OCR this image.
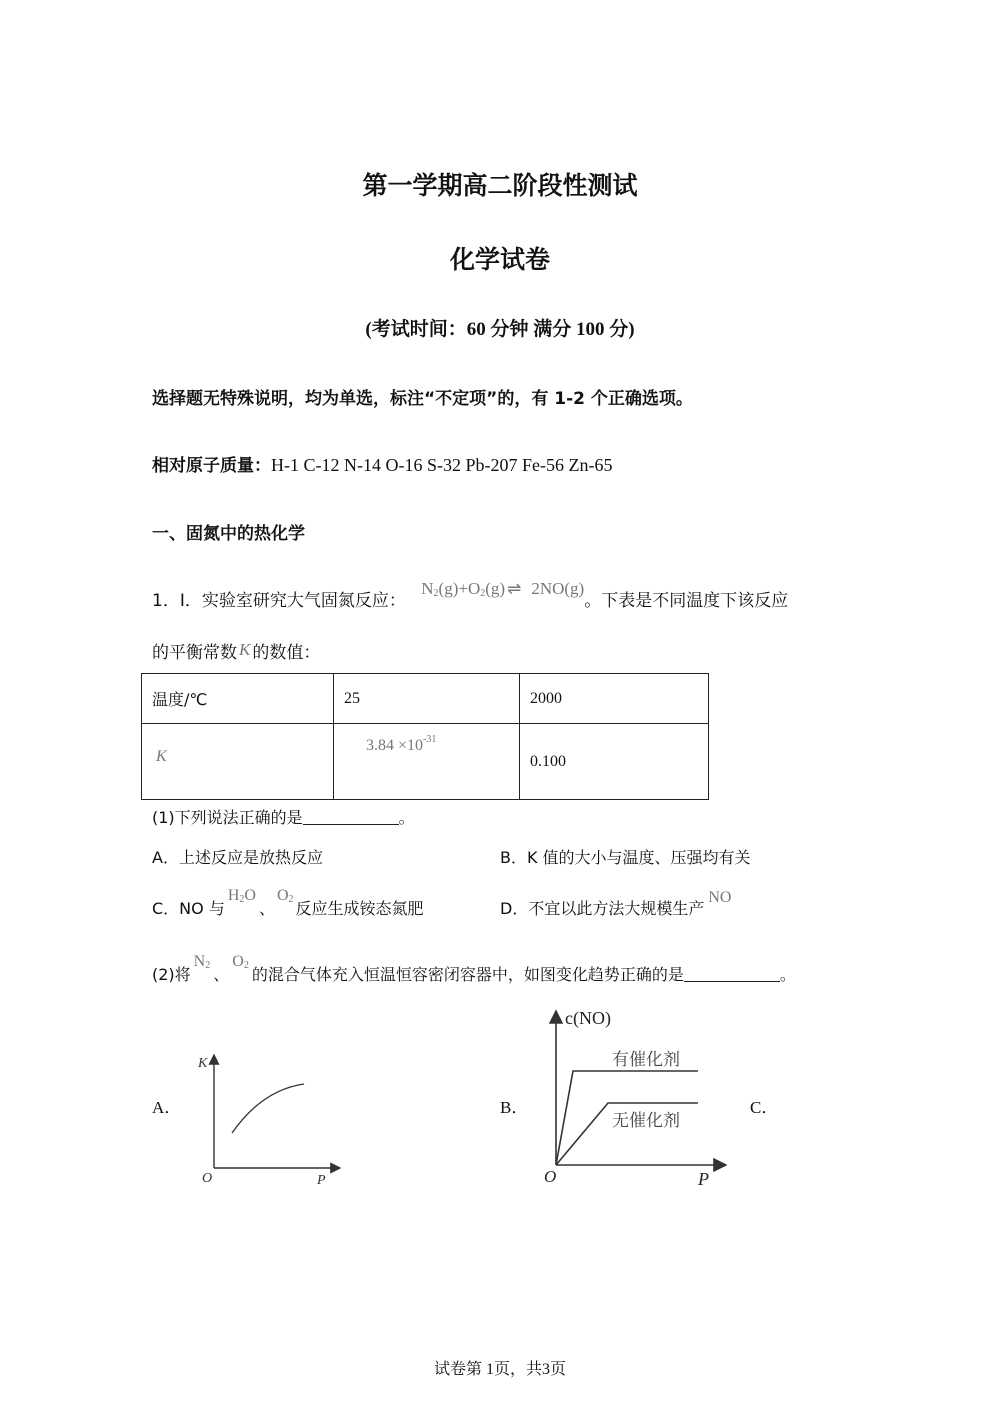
第一学期高二阶段性测试
化学试卷
(考试时间：60 分钟 满分 100 分)
选择题无特殊说明，均为单选，标注“不定项”的，有 1-2 个正确选项。
相对原子质量：H-1 C-12 N-14 O-16 S-32 Pb-207 Fe-56 Zn-65
一、固氮中的热化学
1．Ⅰ．实验室研究大气固氮反应： $N_2(g)+O_2(g)$ ⇌ 2NO(g)。下表是不同温度下该反应
的平衡常数 K 的数值：
温度/℃	25	2000
K	$3.84 \times 10^{-31}$	0.100
(1)下列说法正确的是	。
A．上述反应是放热反应	B．K 值的大小与温度、压强均有关
C．NO 与$H_2O$、$O_2$ 反应生成铵态氮肥	D．不宜以此方法大规模生产NO
(2)将$N_2$ 、$O_2$ 的混合气体充入恒温恒容密闭容器中，如图变化趋势正确的是	。
A．	B．	C．
K
O	P
c(NO)
有催化剂
无催化剂
O	P
试卷第 1页，共3页
